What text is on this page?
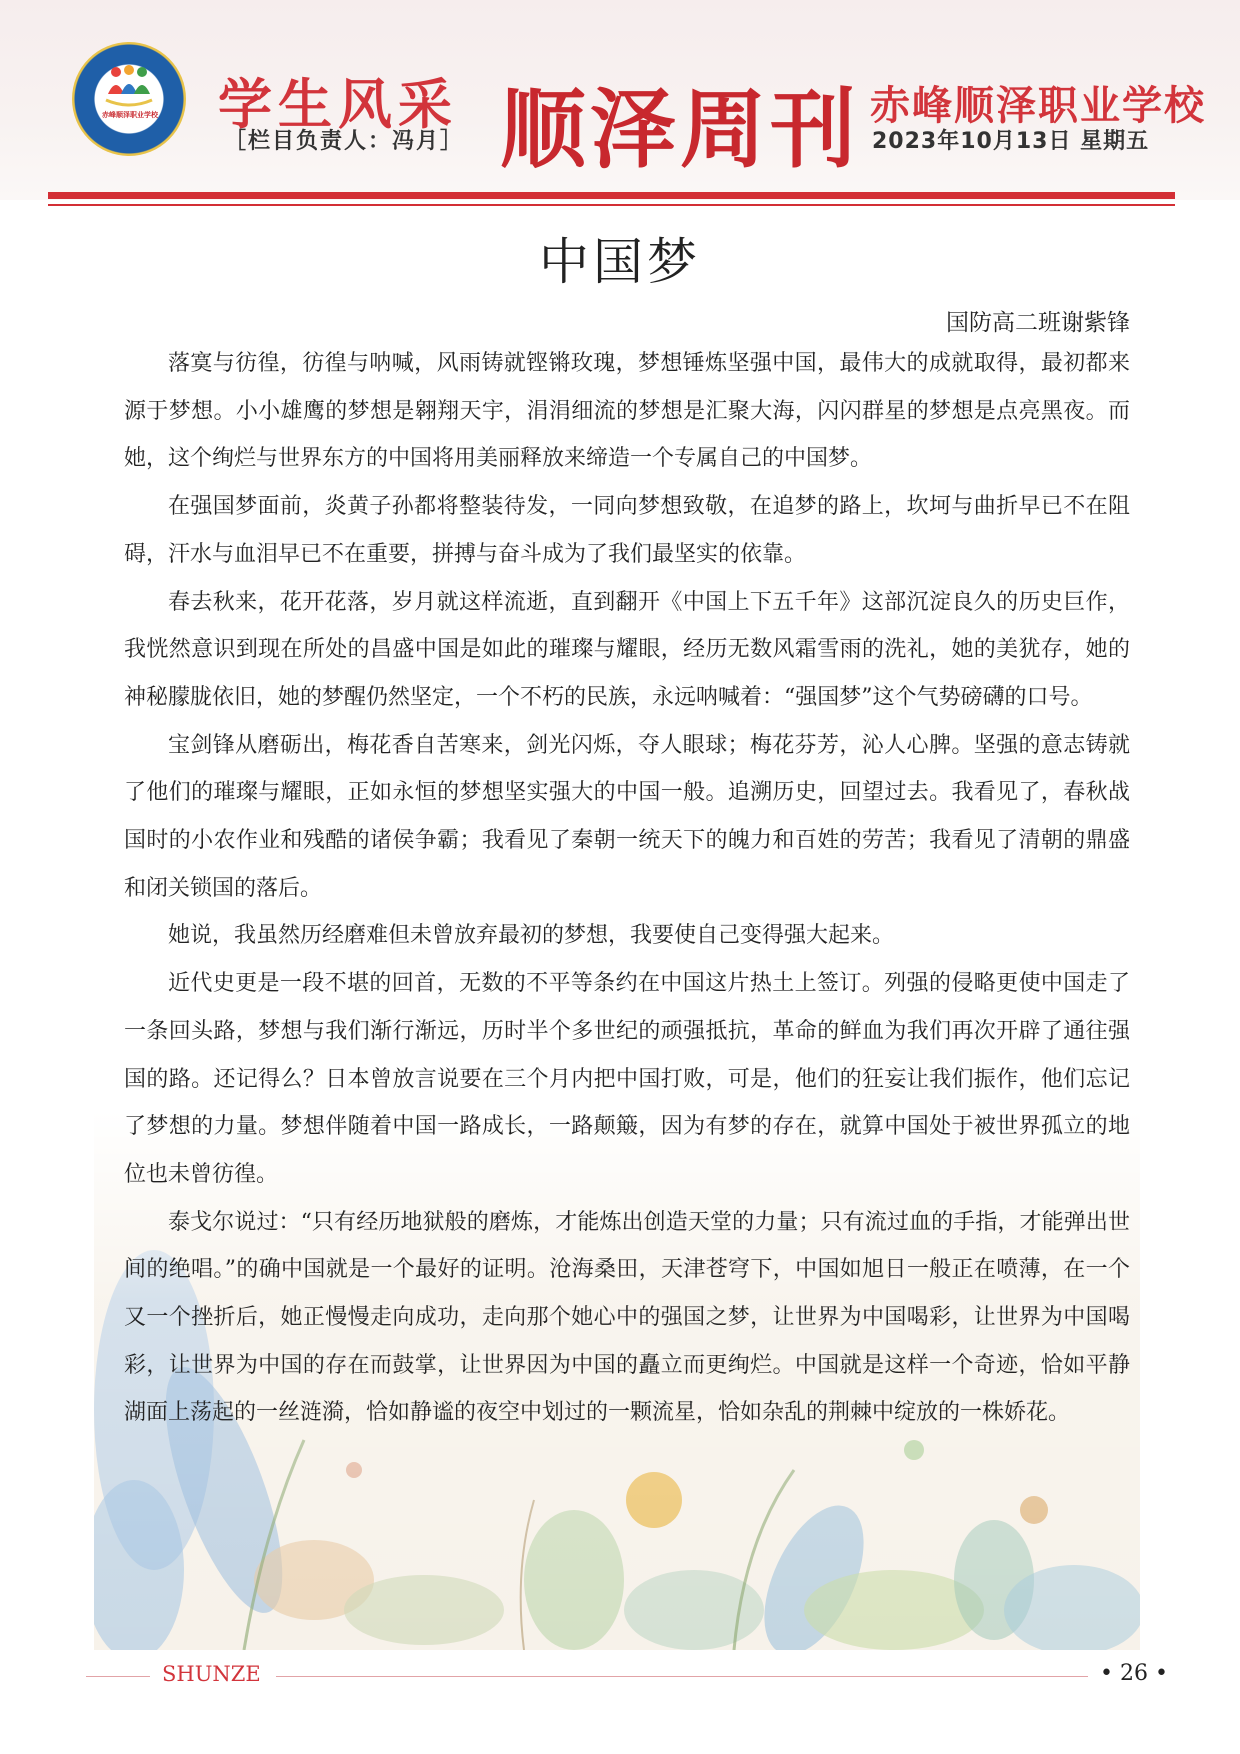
赤峰顺泽职业学校 学生风采
［栏目负责人：冯月］ 顺泽周刊 赤峰顺泽职业学校
2023年10月13日 星期五
中国梦
国防高二班谢紫锋

落寞与彷徨，彷徨与呐喊，风雨铸就铿锵玫瑰，梦想锤炼坚强中国，最伟大的成就取得，最初都来源于梦想。小小雄鹰的梦想是翱翔天宇，涓涓细流的梦想是汇聚大海，闪闪群星的梦想是点亮黑夜。而她，这个绚烂与世界东方的中国将用美丽释放来缔造一个专属自己的中国梦。

在强国梦面前，炎黄子孙都将整装待发，一同向梦想致敬，在追梦的路上，坎坷与曲折早已不在阻碍，汗水与血泪早已不在重要，拼搏与奋斗成为了我们最坚实的依靠。

春去秋来，花开花落，岁月就这样流逝，直到翻开《中国上下五千年》这部沉淀良久的历史巨作，我恍然意识到现在所处的昌盛中国是如此的璀璨与耀眼，经历无数风霜雪雨的洗礼，她的美犹存，她的神秘朦胧依旧，她的梦醒仍然坚定，一个不朽的民族，永远呐喊着：“强国梦”这个气势磅礴的口号。

宝剑锋从磨砺出，梅花香自苦寒来，剑光闪烁，夺人眼球；梅花芬芳，沁人心脾。坚强的意志铸就了他们的璀璨与耀眼，正如永恒的梦想坚实强大的中国一般。追溯历史，回望过去。我看见了，春秋战国时的小农作业和残酷的诸侯争霸；我看见了秦朝一统天下的魄力和百姓的劳苦；我看见了清朝的鼎盛和闭关锁国的落后。

她说，我虽然历经磨难但未曾放弃最初的梦想，我要使自己变得强大起来。

近代史更是一段不堪的回首，无数的不平等条约在中国这片热土上签订。列强的侵略更使中国走了一条回头路，梦想与我们渐行渐远，历时半个多世纪的顽强抵抗，革命的鲜血为我们再次开辟了通往强国的路。还记得么？日本曾放言说要在三个月内把中国打败，可是，他们的狂妄让我们振作，他们忘记了梦想的力量。梦想伴随着中国一路成长，一路颠簸，因为有梦的存在，就算中国处于被世界孤立的地位也未曾彷徨。

泰戈尔说过：“只有经历地狱般的磨炼，才能炼出创造天堂的力量；只有流过血的手指，才能弹出世间的绝唱。”的确中国就是一个最好的证明。沧海桑田，天津苍穹下，中国如旭日一般正在喷薄，在一个又一个挫折后，她正慢慢走向成功，走向那个她心中的强国之梦，让世界为中国喝彩，让世界为中国喝彩，让世界为中国的存在而鼓掌，让世界因为中国的矗立而更绚烂。中国就是这样一个奇迹，恰如平静湖面上荡起的一丝涟漪，恰如静谧的夜空中划过的一颗流星，恰如杂乱的荆棘中绽放的一株娇花。

SHUNZE	• 26 •
